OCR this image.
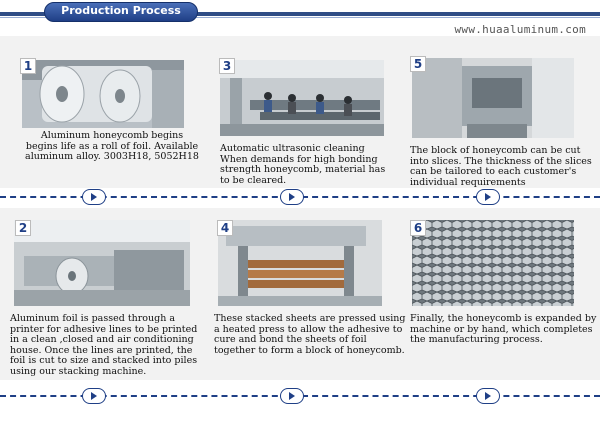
Production Process
www.huaaluminum.com
1
Aluminum honeycomb begins begins life as a roll of foil. Available aluminum alloy. 3003H18, 5052H18
3
Automatic ultrasonic cleaning When demands for high bonding strength honeycomb, material has to be cleared.
5
The block of honeycomb can be cut into slices. The thickness of the slices can be tailored to each customer's individual requirements
2
Aluminum foil is passed through a printer for adhesive lines to be printed in a clean ,closed and air conditioning house. Once the lines are printed, the foil is cut to size and stacked into piles using our stacking machine.
4
These stacked sheets are pressed using a heated press to allow the adhesive to cure and bond the sheets of foil together to form a block of honeycomb.
6
Finally, the honeycomb is expanded by machine or by hand, which completes the manufacturing process.
